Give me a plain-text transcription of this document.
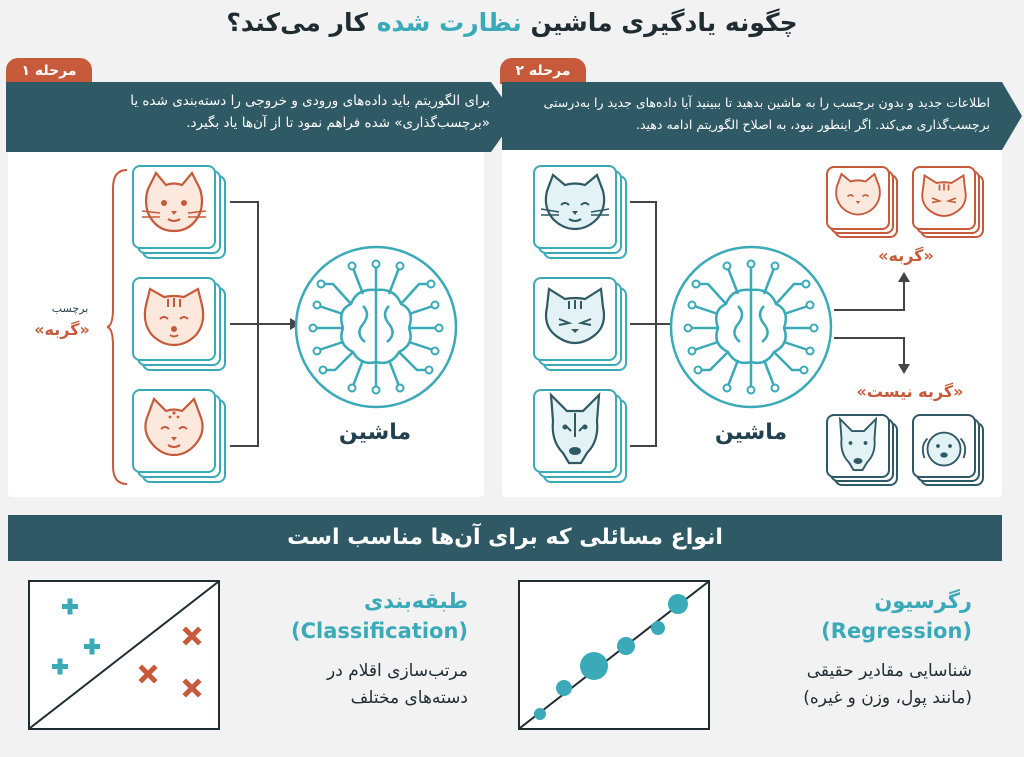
چگونه یادگیری ماشین نظارت شده کار می‌کند؟
مرحله ۱
برای الگوریتم باید داده‌های ورودی و خروجی را دسته‌بندی شده یا «برچسب‌گذاری» شده فراهم نمود تا از آن‌ها یاد بگیرد.
برچسب
«گربه»
ماشین
مرحله ۲
اطلاعات جدید و بدون برچسب را به ماشین بدهید تا ببینید آیا داده‌های جدید را به‌درستی برچسب‌گذاری می‌کند. اگر اینطور نبود، به اصلاح الگوریتم ادامه دهید.
ماشین
«گربه»
«گربه نیست»
انواع مسائلی که برای آن‌ها مناسب است
طبقه‌بندی
(Classification)
مرتب‌سازی اقلام در
دسته‌های مختلف
رگرسیون
(Regression)
شناسایی مقادیر حقیقی
(مانند پول، وزن و غیره)
